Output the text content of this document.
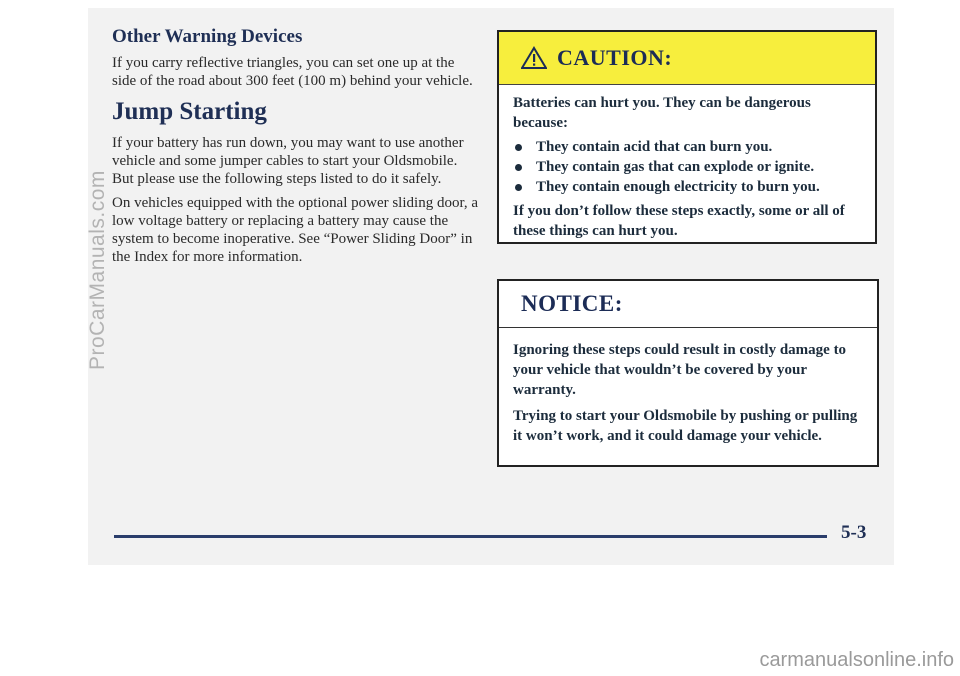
ProCarManuals.com
Other Warning Devices

If you carry reflective triangles, you can set one up at the side of the road about 300 feet (100 m) behind your vehicle.

Jump Starting

If your battery has run down, you may want to use another vehicle and some jumper cables to start your Oldsmobile. But please use the following steps listed to do it safely.

On vehicles equipped with the optional power sliding door, a low voltage battery or replacing a battery may cause the system to become inoperative. See “Power Sliding Door” in the Index for more information.

CAUTION:

Batteries can hurt you. They can be dangerous because:

They contain acid that can burn you.
They contain gas that can explode or ignite.
They contain enough electricity to burn you.

If you don’t follow these steps exactly, some or all of these things can hurt you.

NOTICE:

Ignoring these steps could result in costly damage to your vehicle that wouldn’t be covered by your warranty.

Trying to start your Oldsmobile by pushing or pulling it won’t work, and it could damage your vehicle.

5-3
carmanualsonline.info
